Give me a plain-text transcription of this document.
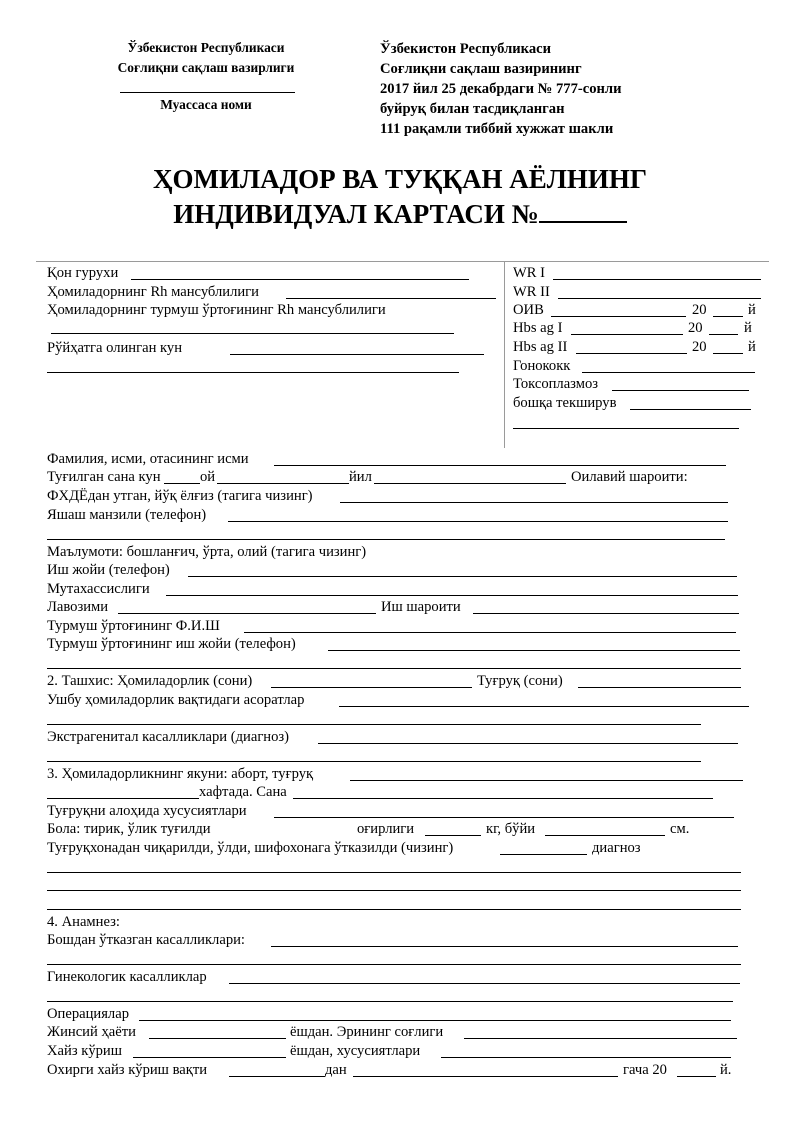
Ўзбекистон Республикаси
Соғлиқни сақлаш вазирлиги
Муассаса номи
Ўзбекистон Республикаси
Соғлиқни сақлаш вазирининг
2017 йил 25 декабрдаги № 777-сонли
буйруқ билан тасдиқланган
111 рақамли тиббий хужжат шакли
ҲОМИЛАДОР ВА ТУҚҚАН АЁЛНИНГ
ИНДИВИДУАЛ КАРТАСИ №
Қон гурухи
Ҳомиладорнинг Rh мансублилиги
Ҳомиладорнинг турмуш ўртоғининг Rh мансублилиги
Рўйҳатга олинган кун
WR I
WR II
ОИВ	20	й
Hbs ag I	20	й
Hbs ag II	20	й
Гонококк
Токсоплазмоз
бошқа текширув
Фамилия, исми, отасининг исми
Туғилган сана кун	ой	йил	Оилавий шароити:
ФХДЁдан утган, йўқ ёлғиз (тагига чизинг)
Яшаш манзили (телефон)
Маълумоти: бошланғич, ўрта, олий (тагига чизинг)
Иш жойи (телефон)
Мутахассислиги
Лавозими	Иш шароити
Турмуш ўртоғининг Ф.И.Ш
Турмуш ўртоғининг иш жойи (телефон)
2. Ташхис: Ҳомиладорлик (сони)	Туғруқ (сони)
Ушбу ҳомиладорлик вақтидаги асоратлар
Экстрагенитал касалликлари (диагноз)
3. Ҳомиладорликнинг якуни: аборт, туғруқ
хафтада. Сана
Туғруқни алоҳида хусусиятлари
Бола: тирик, ўлик туғилди	оғирлиги	кг, бўйи	см.
Туғруқхонадан чиқарилди, ўлди, шифохонага ўтказилди (чизинг)	диагноз
4. Анамнез:
Бошдан ўтказган касалликлари:
Гинекологик касалликлар
Операциялар
Жинсий ҳаёти	ёшдан. Эрининг соғлиги
Хайз кўриш	ёшдан, хусусиятлари
Охирги хайз кўриш вақти	дан	гача 20	й.
